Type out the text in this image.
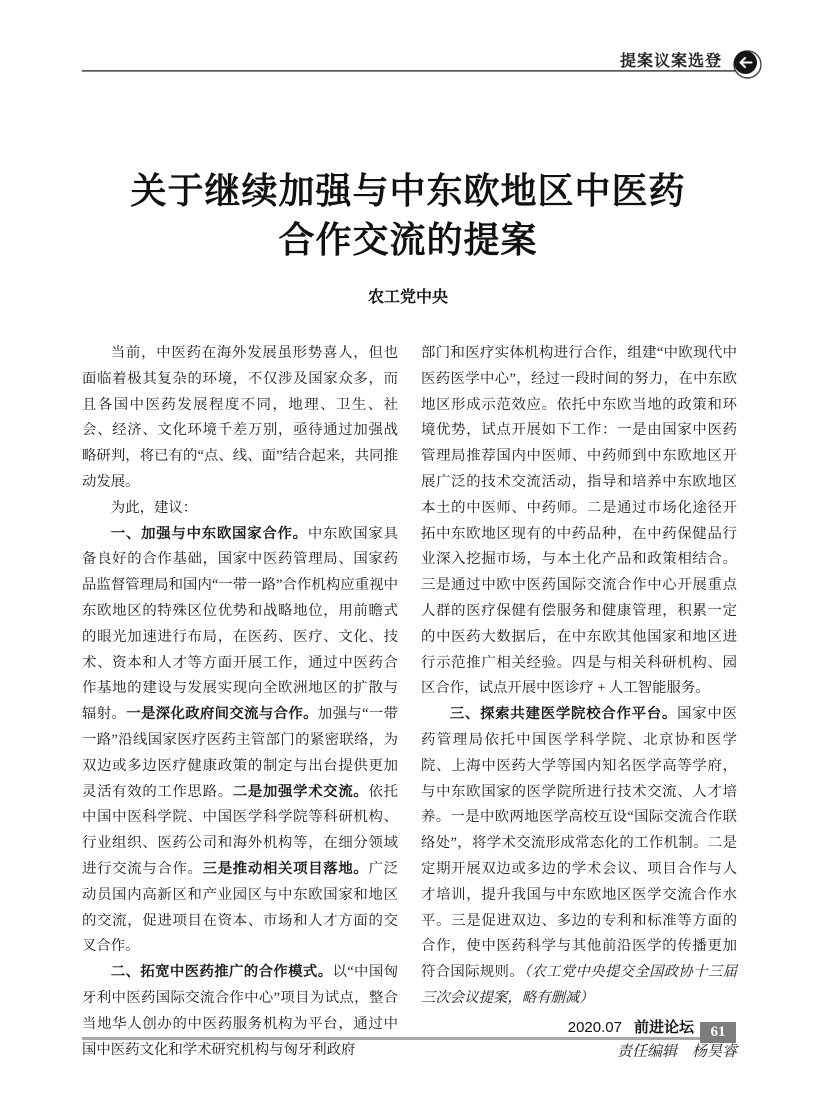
提案议案选登
关于继续加强与中东欧地区中医药
合作交流的提案
农工党中央

当前，中医药在海外发展虽形势喜人，但也面临着极其复杂的环境，不仅涉及国家众多，而且各国中医药发展程度不同，地理、卫生、社会、经济、文化环境千差万别，亟待通过加强战略研判，将已有的“点、线、面”结合起来，共同推动发展。

为此，建议：

一、加强与中东欧国家合作。中东欧国家具备良好的合作基础，国家中医药管理局、国家药品监督管理局和国内“一带一路”合作机构应重视中东欧地区的特殊区位优势和战略地位，用前瞻式的眼光加速进行布局，在医药、医疗、文化、技术、资本和人才等方面开展工作，通过中医药合作基地的建设与发展实现向全欧洲地区的扩散与辐射。一是深化政府间交流与合作。加强与“一带一路”沿线国家医疗医药主管部门的紧密联络，为双边或多边医疗健康政策的制定与出台提供更加灵活有效的工作思路。二是加强学术交流。依托中国中医科学院、中国医学科学院等科研机构、行业组织、医药公司和海外机构等，在细分领域进行交流与合作。三是推动相关项目落地。广泛动员国内高新区和产业园区与中东欧国家和地区的交流，促进项目在资本、市场和人才方面的交叉合作。

二、拓宽中医药推广的合作模式。以“中国匈牙利中医药国际交流合作中心”项目为试点，整合当地华人创办的中医药服务机构为平台，通过中国中医药文化和学术研究机构与匈牙利政府

部门和医疗实体机构进行合作，组建“中欧现代中医药医学中心”，经过一段时间的努力，在中东欧地区形成示范效应。依托中东欧当地的政策和环境优势，试点开展如下工作：一是由国家中医药管理局推荐国内中医师、中药师到中东欧地区开展广泛的技术交流活动，指导和培养中东欧地区本土的中医师、中药师。二是通过市场化途径开拓中东欧地区现有的中药品种，在中药保健品行业深入挖掘市场，与本土化产品和政策相结合。三是通过中欧中医药国际交流合作中心开展重点人群的医疗保健有偿服务和健康管理，积累一定的中医药大数据后，在中东欧其他国家和地区进行示范推广相关经验。四是与相关科研机构、园区合作，试点开展中医诊疗 + 人工智能服务。

三、探索共建医学院校合作平台。国家中医药管理局依托中国医学科学院、北京协和医学院、上海中医药大学等国内知名医学高等学府，与中东欧国家的医学院所进行技术交流、人才培养。一是中欧两地医学高校互设“国际交流合作联络处”，将学术交流形成常态化的工作机制。二是定期开展双边或多边的学术会议、项目合作与人才培训，提升我国与中东欧地区医学交流合作水平。三是促进双边、多边的专利和标准等方面的合作，使中医药科学与其他前沿医学的传播更加符合国际规则。（农工党中央提交全国政协十三届三次会议提案，略有删减）

责任编辑 杨昊睿
2020.07 前进论坛	61
